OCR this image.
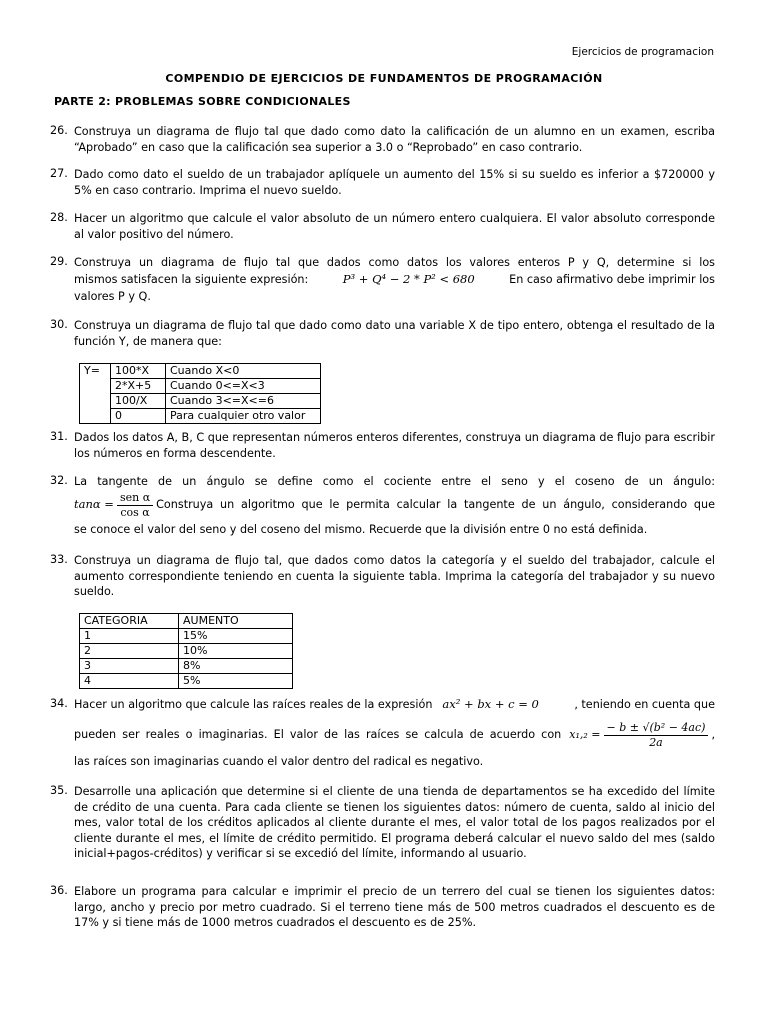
Ejercicios de programacion
COMPENDIO DE EJERCICIOS DE FUNDAMENTOS DE PROGRAMACIÓN
PARTE 2: PROBLEMAS SOBRE CONDICIONALES
26. Construya un diagrama de flujo tal que dado como dato la calificación de un alumno en un examen, escriba “Aprobado” en caso que la calificación sea superior a 3.0 o “Reprobado” en caso contrario.
27. Dado como dato el sueldo de un trabajador aplíquele un aumento del 15% si su sueldo es inferior a $720000 y 5% en caso contrario. Imprima el nuevo sueldo.
28. Hacer un algoritmo que calcule el valor absoluto de un número entero cualquiera. El valor absoluto corresponde al valor positivo del número.
29. Construya un diagrama de flujo tal que dados como datos los valores enteros P y Q, determine si los
mismos satisfacen la siguiente expresión:	P³ + Q⁴ − 2 * P² < 680	En caso afirmativo debe imprimir los
valores P y Q.
30. Construya un diagrama de flujo tal que dado como dato una variable X de tipo entero, obtenga el resultado de la función Y, de manera que:
Y=	100*X	Cuando X<0
	2*X+5	Cuando 0<=X<3
	100/X	Cuando 3<=X<=6
	0	Para cualquier otro valor
31. Dados los datos A, B, C que representan números enteros diferentes, construya un diagrama de flujo para escribir los números en forma descendente.
32. La tangente de un ángulo se define como el cociente entre el seno y el coseno de un ángulo:
$\tan\alpha = \frac{\text{sen α}}{\text{cos α}}$ Construya un algoritmo que le permita calcular la tangente de un ángulo, considerando que
se conoce el valor del seno y del coseno del mismo. Recuerde que la división entre 0 no está definida.
33. Construya un diagrama de flujo tal, que dados como datos la categoría y el sueldo del trabajador, calcule el aumento correspondiente teniendo en cuenta la siguiente tabla. Imprima la categoría del trabajador y su nuevo sueldo.
CATEGORIA	AUMENTO
1	15%
2	10%
3	8%
4	5%
34. Hacer un algoritmo que calcule las raíces reales de la expresión ax² + bx + c = 0	, teniendo en cuenta que
pueden ser reales o imaginarias. El valor de las raíces se calcula de acuerdo con $x_1,_2 = \frac{\text{− b ± √(b² − 4ac)}}{2a}$ ,
las raíces son imaginarias cuando el valor dentro del radical es negativo.
35. Desarrolle una aplicación que determine si el cliente de una tienda de departamentos se ha excedido del límite de crédito de una cuenta. Para cada cliente se tienen los siguientes datos: número de cuenta, saldo al inicio del mes, valor total de los créditos aplicados al cliente durante el mes, el valor total de los pagos realizados por el cliente durante el mes, el límite de crédito permitido. El programa deberá calcular el nuevo saldo del mes (saldo inicial+pagos-créditos) y verificar si se excedió del límite, informando al usuario.
36. Elabore un programa para calcular e imprimir el precio de un terrero del cual se tienen los siguientes datos: largo, ancho y precio por metro cuadrado. Si el terreno tiene más de 500 metros cuadrados el descuento es de 17% y si tiene más de 1000 metros cuadrados el descuento es de 25%.
